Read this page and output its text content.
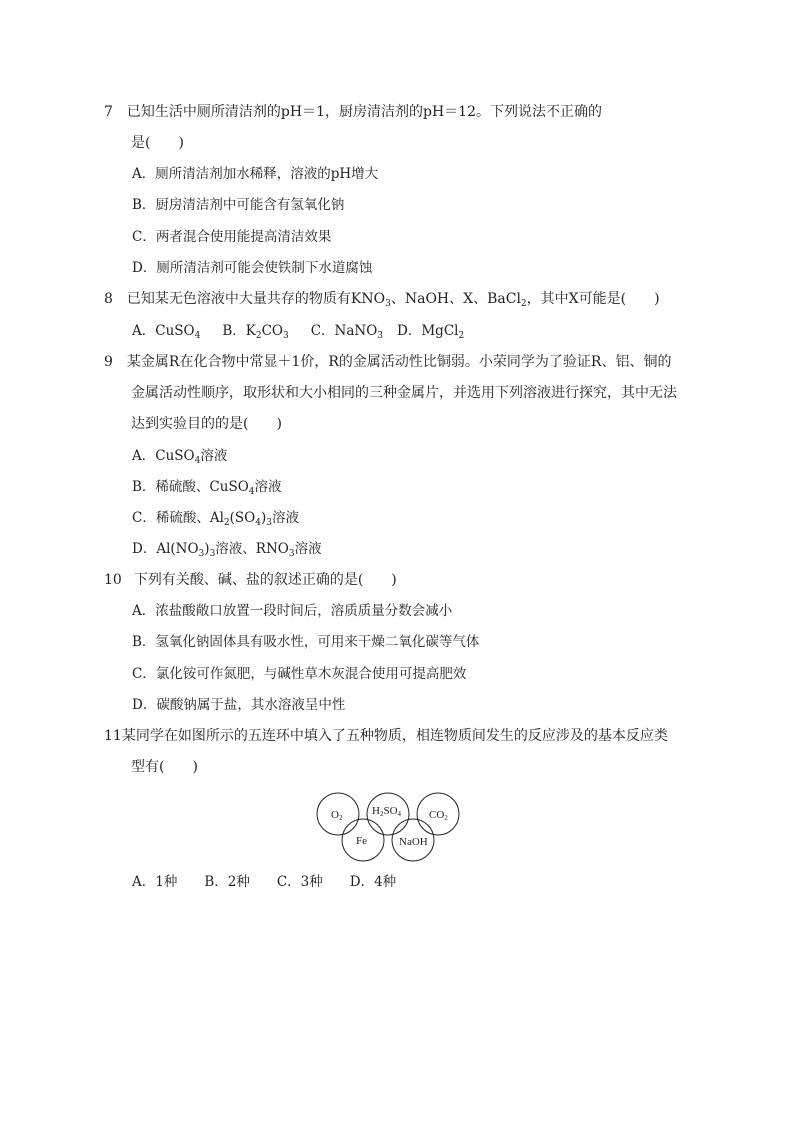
7 已知生活中厕所清洁剂的pH＝1，厨房清洁剂的pH＝12。下列说法不正确的
是(　　)
A．厕所清洁剂加水稀释，溶液的pH增大
B．厨房清洁剂中可能含有氢氧化钠
C．两者混合使用能提高清洁效果
D．厕所清洁剂可能会使铁制下水道腐蚀
8 已知某无色溶液中大量共存的物质有$KNO_3$、NaOH、X、BaCl$_2$，其中X可能是(　　)
A．CuSO$_4$ B．$K_2CO_3$ C．NaNO$_3$ D．MgCl$_2$
9 某金属R在化合物中常显＋1价，R的金属活动性比铜弱。小荣同学为了验证R、铝、铜的
金属活动性顺序，取形状和大小相同的三种金属片，并选用下列溶液进行探究，其中无法
达到实验目的的是(　　)
A．CuSO$_4$溶液
B．稀硫酸、CuSO$_4$溶液
C．稀硫酸、$Al_2(SO_4)_3$溶液
D．$Al(NO_3)_3$溶液、$RNO_3$溶液
10 下列有关酸、碱、盐的叙述正确的是(　　)
A．浓盐酸敞口放置一段时间后，溶质质量分数会减小
B．氢氧化钠固体具有吸水性，可用来干燥二氧化碳等气体
C．氯化铵可作氮肥，与碱性草木灰混合使用可提高肥效
D．碳酸钠属于盐，其水溶液呈中性
11某同学在如图所示的五连环中填入了五种物质，相连物质间发生的反应涉及的基本反应类
型有(　　)
O2
H2SO4	CO2
Fe	NaOH
A．1种　　B．2种　　C．3种　　D．4种
